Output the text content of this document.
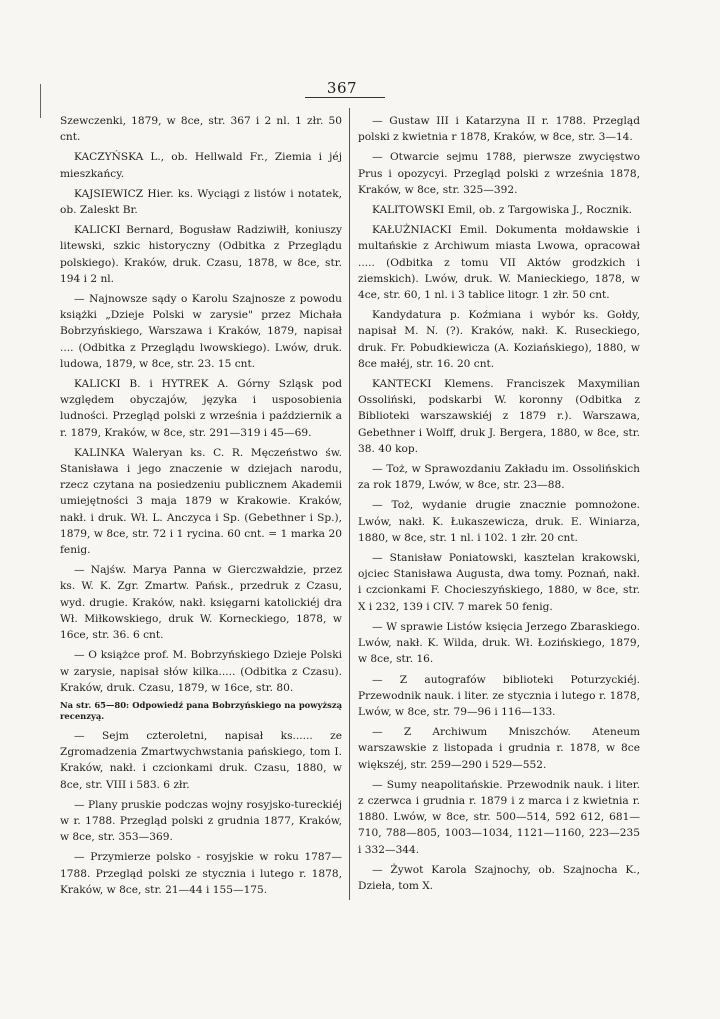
367

Szewczenki, 1879, w 8ce, str. 367 i 2 nl. 1 złr. 50 cnt.

KACZYŃSKA L., ob. Hellwald Fr., Ziemia i jéj mieszkańcy.

KAJSIEWICZ Hier. ks. Wyciągi z listów i notatek, ob. Zaleskt Br.

KALICKI Bernard, Bogusław Radziwiłł, koniuszy litewski, szkic historyczny (Odbitka z Przeglądu polskiego). Kraków, druk. Czasu, 1878, w 8ce, str. 194 i 2 nl.

— Najnowsze sądy o Karolu Szajnosze z powodu książki „Dzieje Polski w zarysie" przez Michała Bobrzyńskiego, Warszawa i Kraków, 1879, napisał .... (Odbitka z Przeglądu lwowskiego). Lwów, druk. ludowa, 1879, w 8ce, str. 23. 15 cnt.

KALICKI B. i HYTREK A. Górny Szląsk pod względem obyczajów, języka i usposobienia ludności. Przegląd polski z września i październik a r. 1879, Kraków, w 8ce, str. 291—319 i 45—69.

KALINKA Waleryan ks. C. R. Męczeństwo św. Stanisława i jego znaczenie w dziejach narodu, rzecz czytana na posiedzeniu publicznem Akademii umiejętności 3 maja 1879 w Krakowie. Kraków, nakł. i druk. Wł. L. Anczyca i Sp. (Gebethner i Sp.), 1879, w 8ce, str. 72 i 1 rycina. 60 cnt. = 1 marka 20 fenig.

— Najśw. Marya Panna w Gierczwałdzie, przez ks. W. K. Zgr. Zmartw. Pańsk., przedruk z Czasu, wyd. drugie. Kraków, nakł. księgarni katolickiéj dra Wł. Miłkowskiego, druk W. Korneckiego, 1878, w 16ce, str. 36. 6 cnt.

— O książce prof. M. Bobrzyńskiego Dzieje Polski w zarysie, napisał słów kilka..... (Odbitka z Czasu). Kraków, druk. Czasu, 1879, w 16ce, str. 80.

Na str. 65—80: Odpowiedź pana Bobrzyńskiego na powyższą recenzyą.

— Sejm czteroletni, napisał ks...... ze Zgromadzenia Zmartwychwstania pańskiego, tom I. Kraków, nakł. i czcionkami druk. Czasu, 1880, w 8ce, str. VIII i 583. 6 złr.

— Plany pruskie podczas wojny rosyjsko-tureckiéj w r. 1788. Przegląd polski z grudnia 1877, Kraków, w 8ce, str. 353—369.

— Przymierze polsko - rosyjskie w roku 1787—1788. Przegląd polski ze stycznia i lutego r. 1878, Kraków, w 8ce, str. 21—44 i 155—175.

— Gustaw III i Katarzyna II r. 1788. Przegląd polski z kwietnia r 1878, Kraków, w 8ce, str. 3—14.

— Otwarcie sejmu 1788, pierwsze zwycięstwo Prus i opozycyi. Przegląd polski z września 1878, Kraków, w 8ce, str. 325—392.

KALITOWSKI Emil, ob. z Targowiska J., Rocznik.

KAŁUŻNIACKI Emil. Dokumenta mołdawskie i multańskie z Archiwum miasta Lwowa, opracował ..... (Odbitka z tomu VII Aktów grodzkich i ziemskich). Lwów, druk. W. Manieckiego, 1878, w 4ce, str. 60, 1 nl. i 3 tablice litogr. 1 złr. 50 cnt.

Kandydatura p. Koźmiana i wybór ks. Gołdy, napisał M. N. (?). Kraków, nakł. K. Ruseckiego, druk. Fr. Pobudkiewicza (A. Koziańskiego), 1880, w 8ce małéj, str. 16. 20 cnt.

KANTECKI Klemens. Franciszek Maxymilian Ossoliński, podskarbi W. koronny (Odbitka z Biblioteki warszawskiéj z 1879 r.). Warszawa, Gebethner i Wolff, druk J. Bergera, 1880, w 8ce, str. 38. 40 kop.

— Toż, w Sprawozdaniu Zakładu im. Ossolińskich za rok 1879, Lwów, w 8ce, str. 23—88.

— Toż, wydanie drugie znacznie pomnożone. Lwów, nakł. K. Łukaszewicza, druk. E. Winiarza, 1880, w 8ce, str. 1 nl. i 102. 1 złr. 20 cnt.

— Stanisław Poniatowski, kasztelan krakowski, ojciec Stanisława Augusta, dwa tomy. Poznań, nakł. i czcionkami F. Chocieszyńskiego, 1880, w 8ce, str. X i 232, 139 i CIV. 7 marek 50 fenig.

— W sprawie Listów księcia Jerzego Zbaraskiego. Lwów, nakł. K. Wilda, druk. Wł. Łozińskiego, 1879, w 8ce, str. 16.

— Z autografów biblioteki Poturzyckiéj. Przewodnik nauk. i liter. ze stycznia i lutego r. 1878, Lwów, w 8ce, str. 79—96 i 116—133.

— Z Archiwum Mniszchów. Ateneum warszawskie z listopada i grudnia r. 1878, w 8ce większéj, str. 259—290 i 529—552.

— Sumy neapolitańskie. Przewodnik nauk. i liter. z czerwca i grudnia r. 1879 i z marca i z kwietnia r. 1880. Lwów, w 8ce, str. 500—514, 592 612, 681—710, 788—805, 1003—1034, 1121—1160, 223—235 i 332—344.

— Żywot Karola Szajnochy, ob. Szajnocha K., Dzieła, tom X.
